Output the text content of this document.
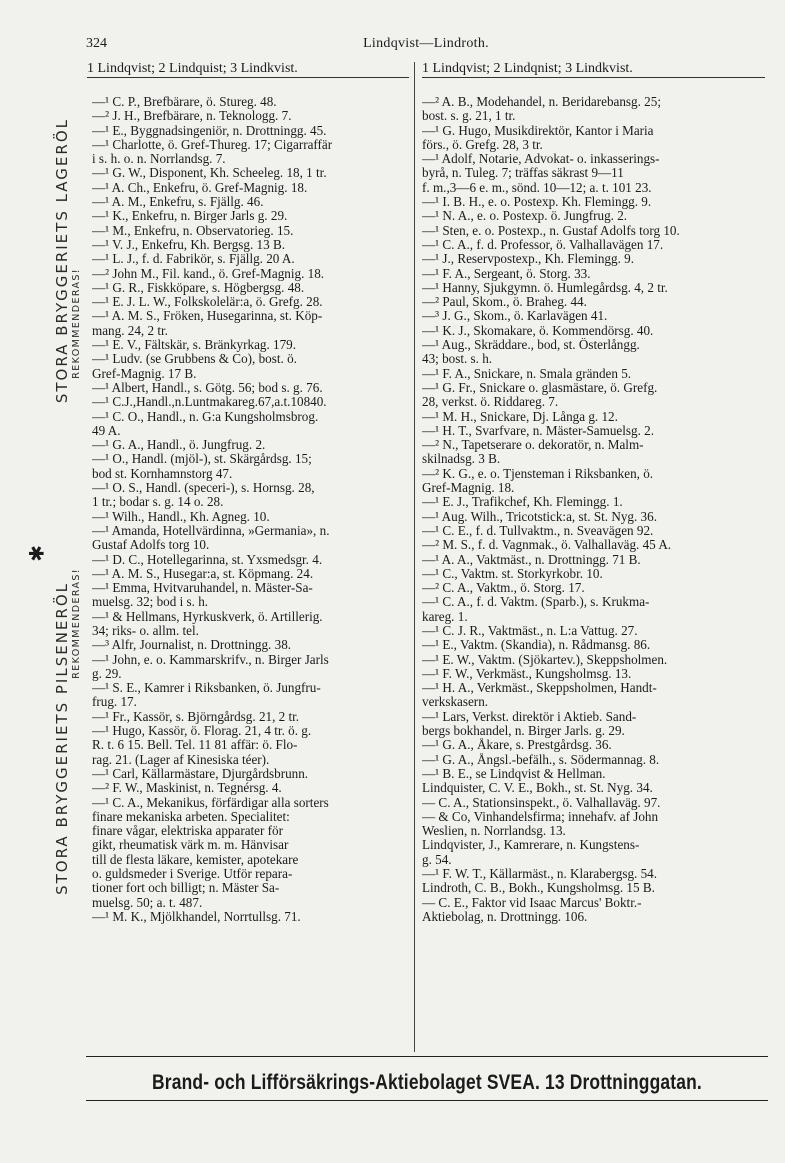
324	Lindqvist—Lindroth.
1 Lindqvist; 2 Lindquist; 3 Lindkvist.	1 Lindqvist; 2 Lindqnist; 3 Lindkvist.
—¹ C. P., Brefbärare, ö. Stureg. 48.
—² J. H., Brefbärare, n. Teknologg. 7.
—¹ E., Byggnadsingeniör, n. Drottningg. 45.
—¹ Charlotte, ö. Gref-Thureg. 17; Cigarraffär
i s. h. o. n. Norrlandsg. 7.
—¹ G. W., Disponent, Kh. Scheeleg. 18, 1 tr.
—¹ A. Ch., Enkefru, ö. Gref-Magnig. 18.
—¹ A. M., Enkefru, s. Fjällg. 46.
—¹ K., Enkefru, n. Birger Jarls g. 29.
—¹ M., Enkefru, n. Observatorieg. 15.
—¹ V. J., Enkefru, Kh. Bergsg. 13 B.
—¹ L. J., f. d. Fabrikör, s. Fjällg. 20 A.
—² John M., Fil. kand., ö. Gref-Magnig. 18.
—¹ G. R., Fiskköpare, s. Högbergsg. 48.
—¹ E. J. L. W., Folkskolelär:a, ö. Grefg. 28.
—¹ A. M. S., Fröken, Husegarinna, st. Köp-
mang. 24, 2 tr.
—¹ E. V., Fältskär, s. Bränkyrkag. 179.
—¹ Ludv. (se Grubbens & Co), bost. ö.
Gref-Magnig. 17 B.
—¹ Albert, Handl., s. Götg. 56; bod s. g. 76.
—¹ C.J.,Handl.,n.Luntmakareg.67,a.t.10840.
—¹ C. O., Handl., n. G:a Kungsholmsbrog.
49 A.
—¹ G. A., Handl., ö. Jungfrug. 2.
—¹ O., Handl. (mjöl-), st. Skärgårdsg. 15;
bod st. Kornhamnstorg 47.
—¹ O. S., Handl. (speceri-), s. Hornsg. 28,
1 tr.; bodar s. g. 14 o. 28.
—¹ Wilh., Handl., Kh. Agneg. 10.
—¹ Amanda, Hotellvärdinna, »Germania», n.
Gustaf Adolfs torg 10.
—¹ D. C., Hotellegarinna, st. Yxsmedsgr. 4.
—¹ A. M. S., Husegar:a, st. Köpmang. 24.
—¹ Emma, Hvitvaruhandel, n. Mäster-Sa-
muelsg. 32; bod i s. h.
—¹ & Hellmans, Hyrkuskverk, ö. Artillerig.
34; riks- o. allm. tel.
—³ Alfr, Journalist, n. Drottningg. 38.
—¹ John, e. o. Kammarskrifv., n. Birger Jarls
g. 29.
—¹ S. E., Kamrer i Riksbanken, ö. Jungfru-
frug. 17.
—¹ Fr., Kassör, s. Björngårdsg. 21, 2 tr.
—¹ Hugo, Kassör, ö. Florag. 21, 4 tr. ö. g.
R. t. 6 15. Bell. Tel. 11 81 affär: ö. Flo-
rag. 21. (Lager af Kinesiska téer).
—¹ Carl, Källarmästare, Djurgårdsbrunn.
—² F. W., Maskinist, n. Tegnérsg. 4.
—¹ C. A., Mekanikus, förfärdigar alla sorters
finare mekaniska arbeten. Specialitet:
finare vågar, elektriska apparater för
gikt, rheumatisk värk m. m. Hänvisar
till de flesta läkare, kemister, apotekare
o. guldsmeder i Sverige. Utför repara-
tioner fort och billigt; n. Mäster Sa-
muelsg. 50; a. t. 487.
—¹ M. K., Mjölkhandel, Norrtullsg. 71.
—² A. B., Modehandel, n. Beridarebansg. 25;
bost. s. g. 21, 1 tr.
—¹ G. Hugo, Musikdirektör, Kantor i Maria
förs., ö. Grefg. 28, 3 tr.
—¹ Adolf, Notarie, Advokat- o. inkasserings-
byrå, n. Tuleg. 7; träffas säkrast 9—11
f. m.,3—6 e. m., sönd. 10—12; a. t. 101 23.
—¹ I. B. H., e. o. Postexp. Kh. Flemingg. 9.
—¹ N. A., e. o. Postexp. ö. Jungfrug. 2.
—¹ Sten, e. o. Postexp., n. Gustaf Adolfs torg 10.
—¹ C. A., f. d. Professor, ö. Valhallavägen 17.
—¹ J., Reservpostexp., Kh. Flemingg. 9.
—¹ F. A., Sergeant, ö. Storg. 33.
—¹ Hanny, Sjukgymn. ö. Humlegårdsg. 4, 2 tr.
—² Paul, Skom., ö. Braheg. 44.
—³ J. G., Skom., ö. Karlavägen 41.
—¹ K. J., Skomakare, ö. Kommendörsg. 40.
—¹ Aug., Skräddare., bod, st. Österlångg.
43; bost. s. h.
—¹ F. A., Snickare, n. Smala gränden 5.
—¹ G. Fr., Snickare o. glasmästare, ö. Grefg.
28, verkst. ö. Riddareg. 7.
—¹ M. H., Snickare, Dj. Långa g. 12.
—¹ H. T., Svarfvare, n. Mäster-Samuelsg. 2.
—² N., Tapetserare o. dekoratör, n. Malm-
skilnadsg. 3 B.
—² K. G., e. o. Tjensteman i Riksbanken, ö.
Gref-Magnig. 18.
—¹ E. J., Trafikchef, Kh. Flemingg. 1.
—¹ Aug. Wilh., Tricotstick:a, st. St. Nyg. 36.
—¹ C. E., f. d. Tullvaktm., n. Sveavägen 92.
—² M. S., f. d. Vagnmak., ö. Valhallaväg. 45 A.
—¹ A. A., Vaktmäst., n. Drottningg. 71 B.
—¹ C., Vaktm. st. Storkyrkobr. 10.
—² C. A., Vaktm., ö. Storg. 17.
—¹ C. A., f. d. Vaktm. (Sparb.), s. Krukma-
kareg. 1.
—¹ C. J. R., Vaktmäst., n. L:a Vattug. 27.
—¹ E., Vaktm. (Skandia), n. Rådmansg. 86.
—¹ E. W., Vaktm. (Sjökartev.), Skeppsholmen.
—¹ F. W., Verkmäst., Kungsholmsg. 13.
—¹ H. A., Verkmäst., Skeppsholmen, Handt-
verkskasern.
—¹ Lars, Verkst. direktör i Aktieb. Sand-
bergs bokhandel, n. Birger Jarls. g. 29.
—¹ G. A., Åkare, s. Prestgårdsg. 36.
—¹ G. A., Ångsl.-befälh., s. Södermannag. 8.
—¹ B. E., se Lindqvist & Hellman.
Lindquister, C. V. E., Bokh., st. St. Nyg. 34.
— C. A., Stationsinspekt., ö. Valhallaväg. 97.
— & Co, Vinhandelsfirma; innehafv. af John
Weslien, n. Norrlandsg. 13.
Lindqvister, J., Kamrerare, n. Kungstens-
g. 54.
—¹ F. W. T., Källarmäst., n. Klarabergsg. 54.
Lindroth, C. B., Bokh., Kungsholmsg. 15 B.
— C. E., Faktor vid Isaac Marcus' Boktr.-
Aktiebolag, n. Drottningg. 106.
STORA BRYGGERIETS LAGERÖL REKOMMENDERAS!
✱
STORA BRYGGERIETS PILSENERÖL REKOMMENDERAS!
Brand- och Lifförsäkrings-Aktiebolaget SVEA. 13 Drottninggatan.
